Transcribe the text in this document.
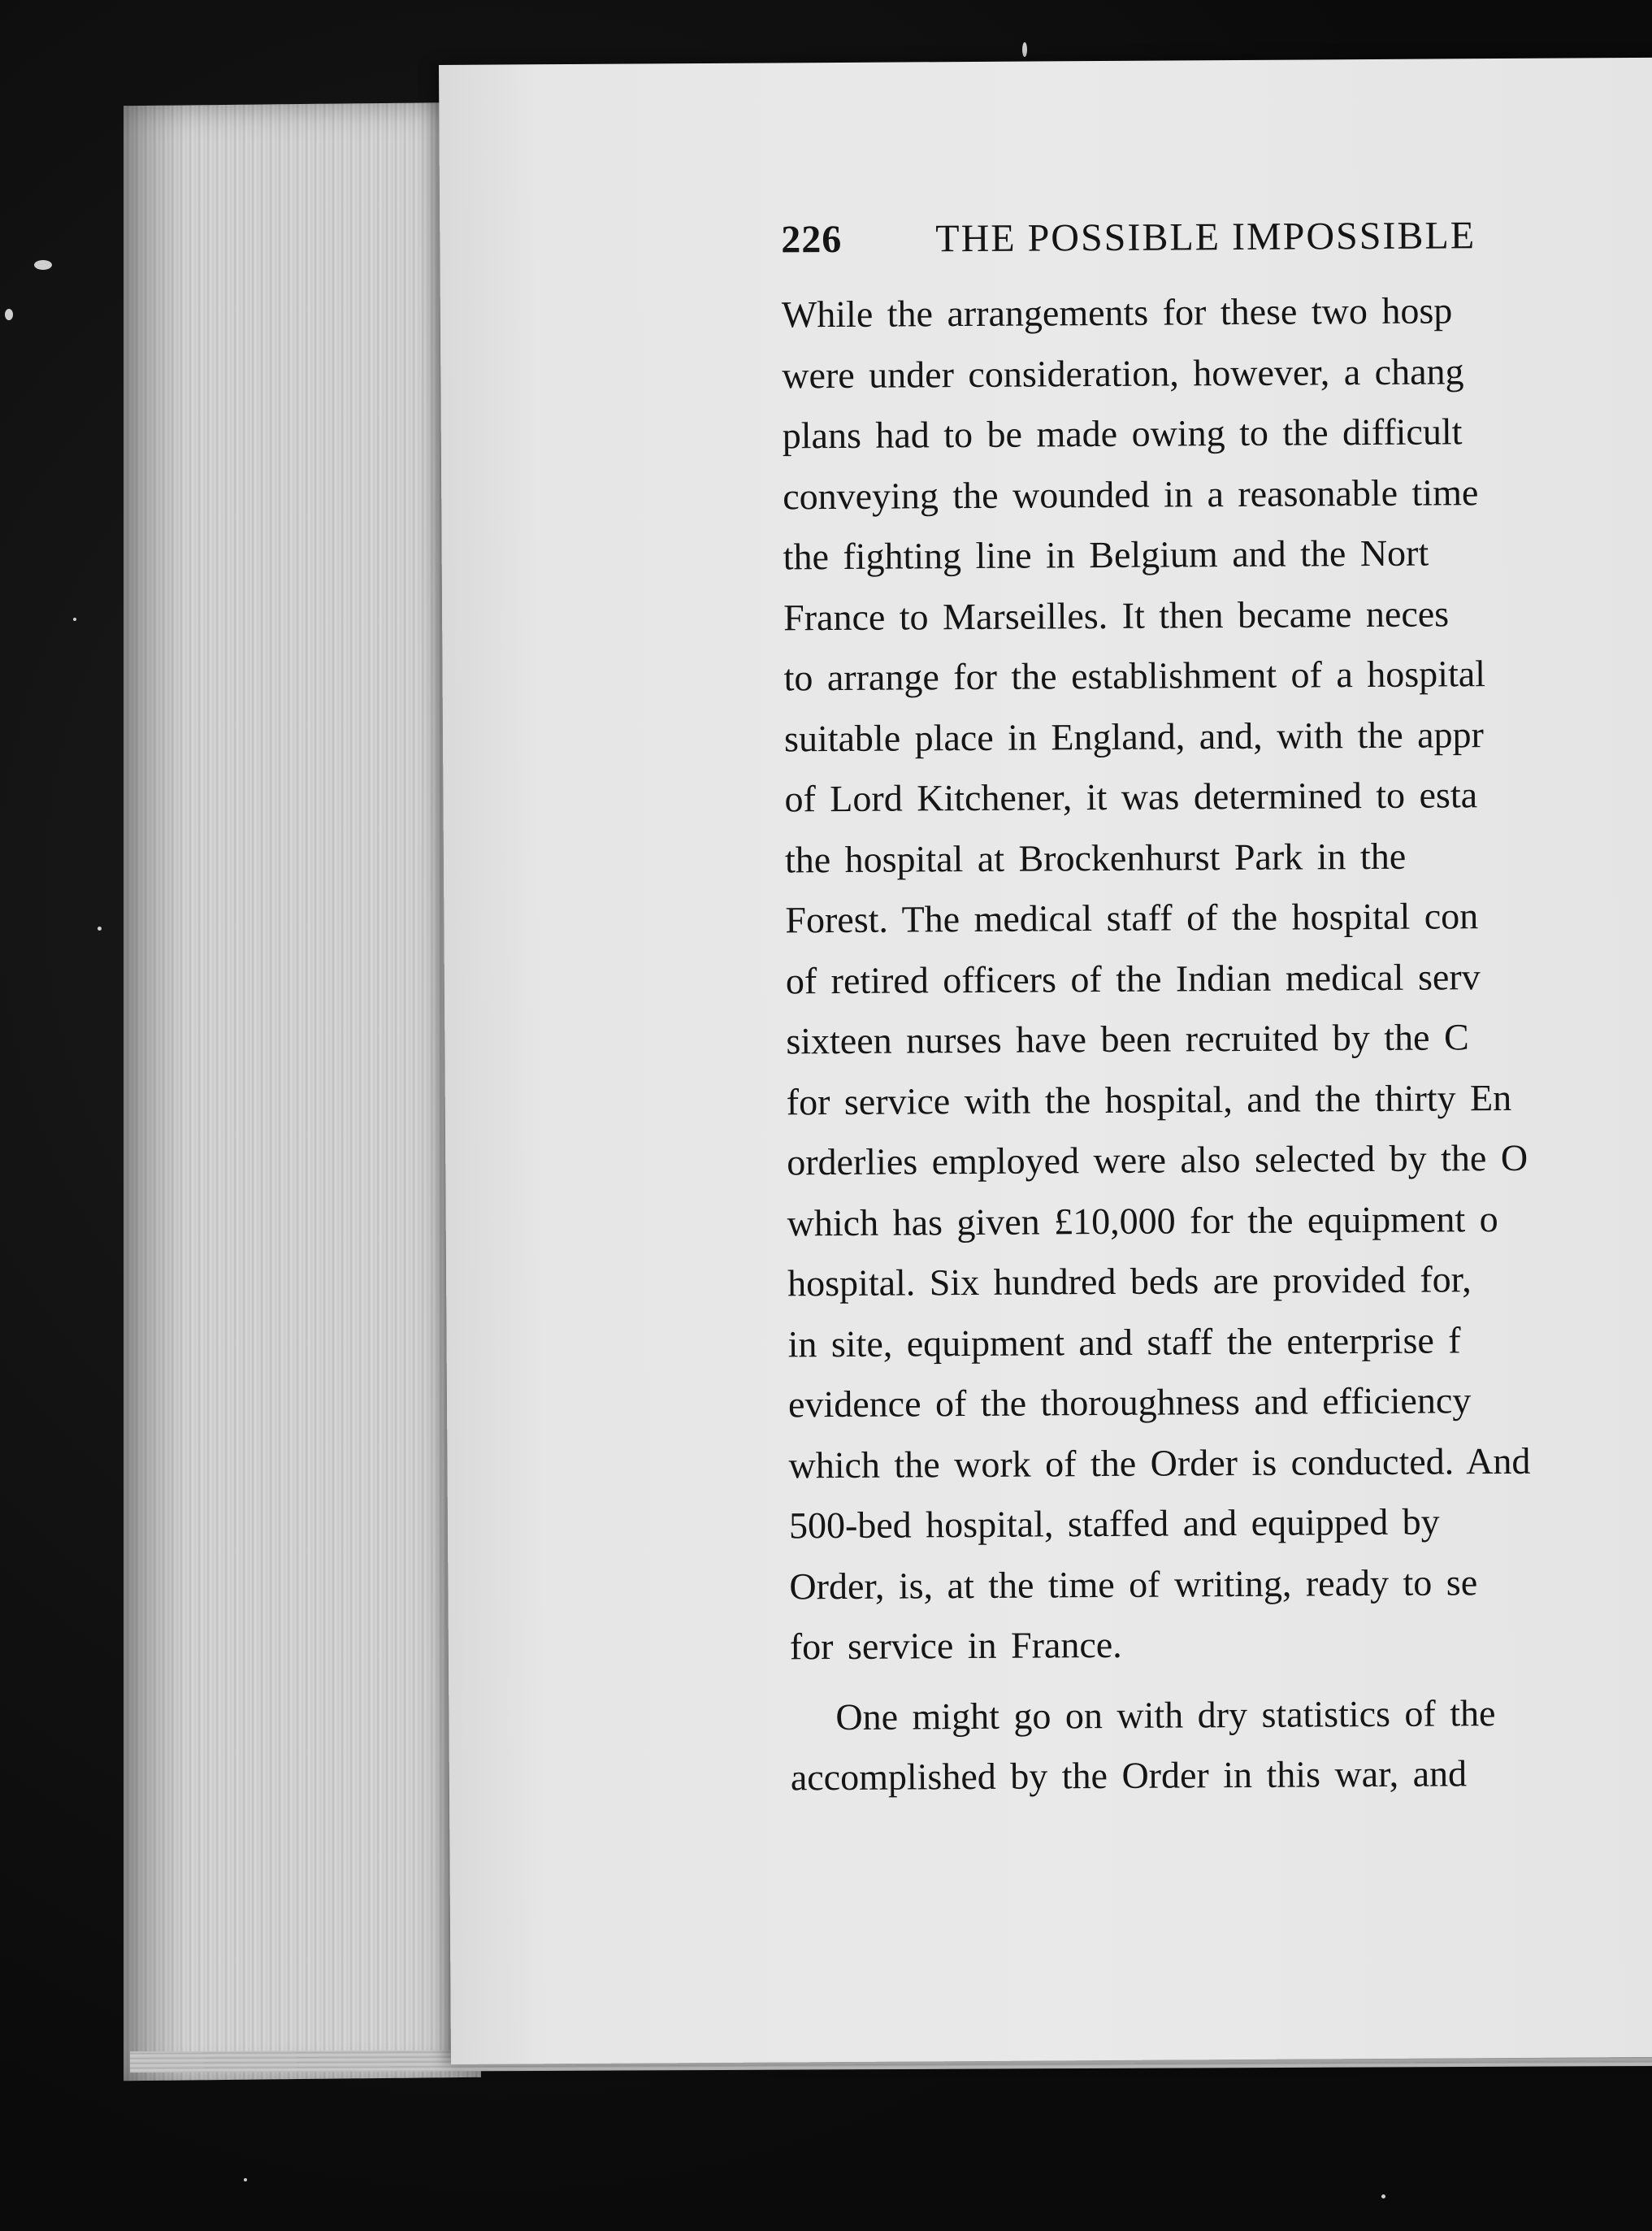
226	THE POSSIBLE IMPOSSIBLE
While the arrangements for these two hosp
were under consideration, however, a chang
plans had to be made owing to the difficult
conveying the wounded in a reasonable time
the fighting line in Belgium and the Nort
France to Marseilles. It then became neces
to arrange for the establishment of a hospital
suitable place in England, and, with the appr
of Lord Kitchener, it was determined to esta
the hospital at Brockenhurst Park in the
Forest. The medical staff of the hospital con
of retired officers of the Indian medical serv
sixteen nurses have been recruited by the C
for service with the hospital, and the thirty En
orderlies employed were also selected by the O
which has given £10,000 for the equipment o
hospital. Six hundred beds are provided for,
in site, equipment and staff the enterprise f
evidence of the thoroughness and efficiency
which the work of the Order is conducted. And
500-bed hospital, staffed and equipped by
Order, is, at the time of writing, ready to se
for service in France.
One might go on with dry statistics of the
accomplished by the Order in this war, and
